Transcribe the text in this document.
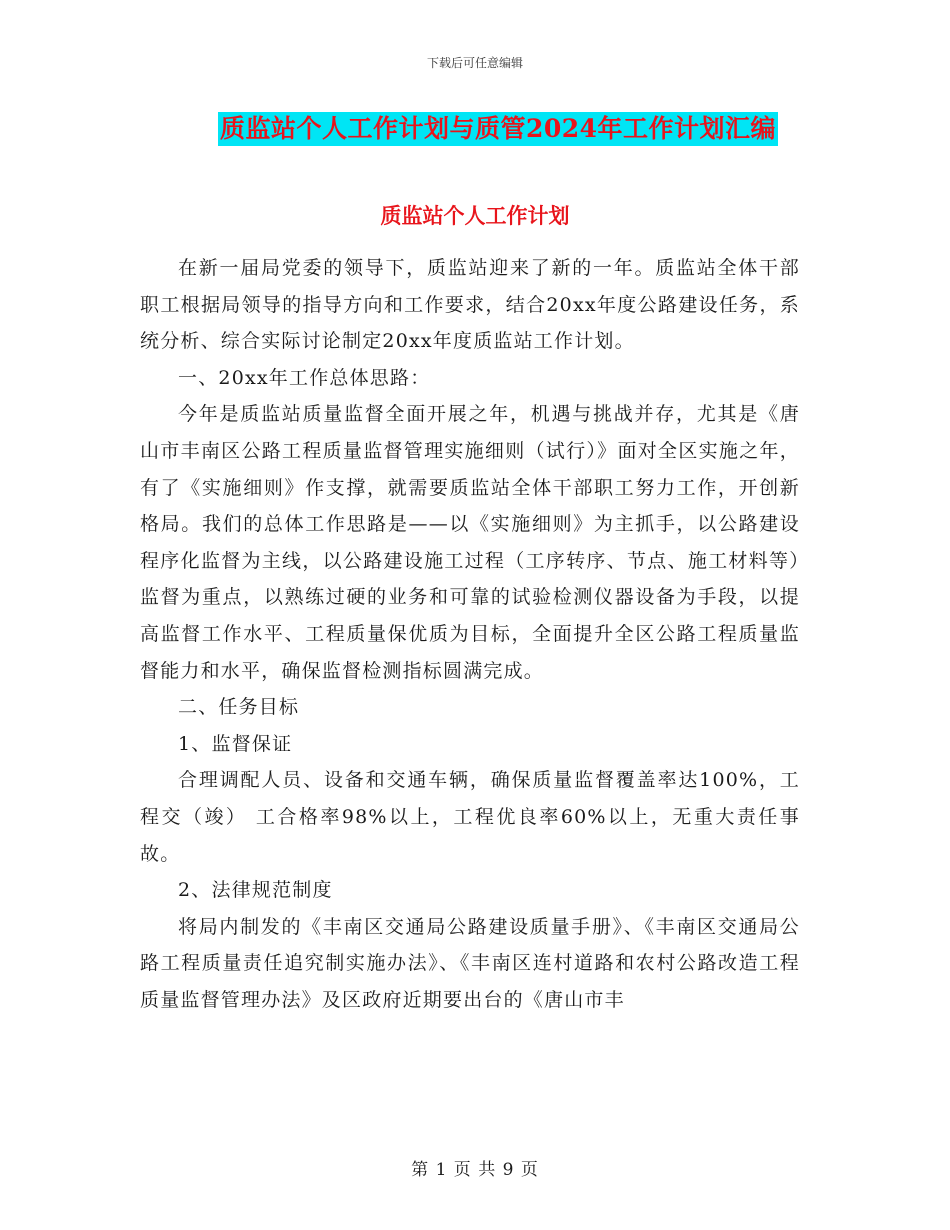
下载后可任意编辑
质监站个人工作计划与质管2024年工作计划汇编
质监站个人工作计划

在新一届局党委的领导下，质监站迎来了新的一年。质监站全体干部职工根据局领导的指导方向和工作要求，结合20xx年度公路建设任务，系统分析、综合实际讨论制定20xx年度质监站工作计划。

一、20xx年工作总体思路：

今年是质监站质量监督全面开展之年，机遇与挑战并存，尤其是《唐山市丰南区公路工程质量监督管理实施细则（试行）》面对全区实施之年，有了《实施细则》作支撑，就需要质监站全体干部职工努力工作，开创新格局。我们的总体工作思路是——以《实施细则》为主抓手，以公路建设程序化监督为主线，以公路建设施工过程（工序转序、节点、施工材料等）监督为重点，以熟练过硬的业务和可靠的试验检测仪器设备为手段，以提高监督工作水平、工程质量保优质为目标，全面提升全区公路工程质量监督能力和水平，确保监督检测指标圆满完成。

二、任务目标

1、监督保证

合理调配人员、设备和交通车辆，确保质量监督覆盖率达100%，工程交（竣） 工合格率98%以上，工程优良率60%以上，无重大责任事故。

2、法律规范制度

将局内制发的《丰南区交通局公路建设质量手册》、《丰南区交通局公路工程质量责任追究制实施办法》、《丰南区连村道路和农村公路改造工程质量监督管理办法》及区政府近期要出台的《唐山市丰

第 1 页 共 9 页
